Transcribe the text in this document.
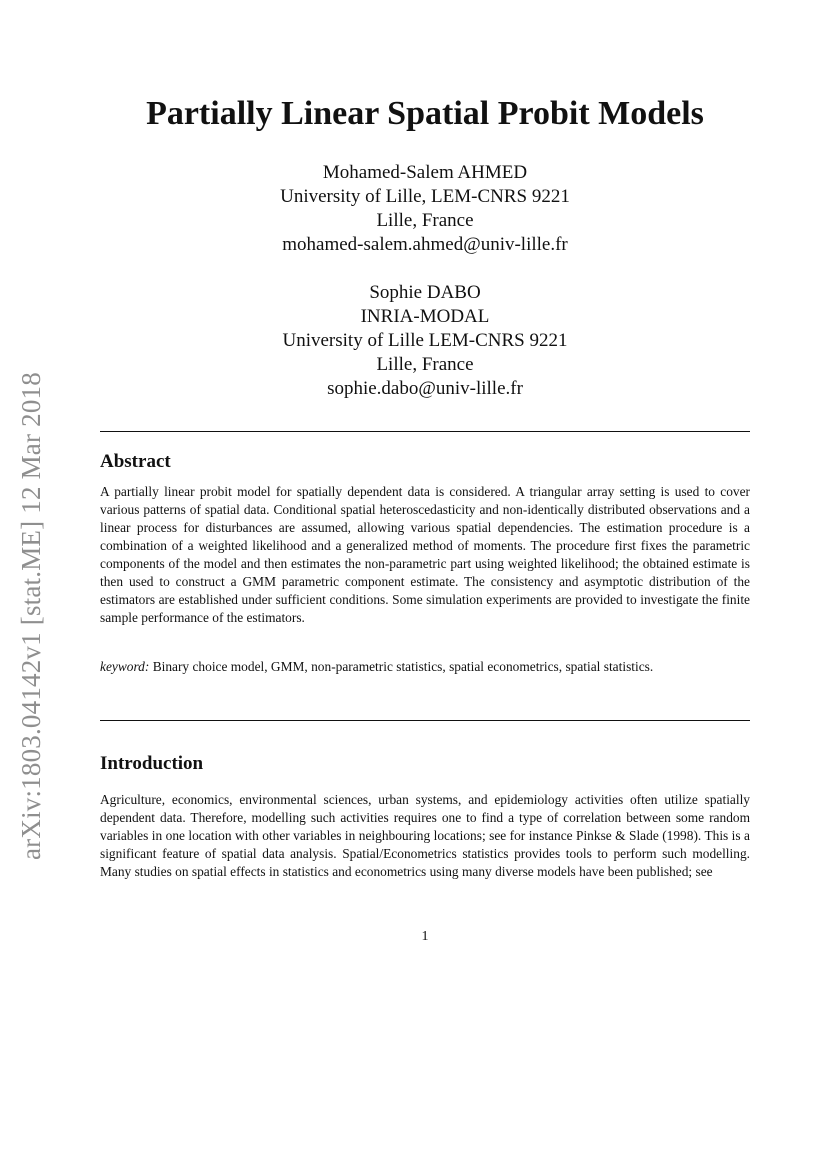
arXiv:1803.04142v1 [stat.ME] 12 Mar 2018
Partially Linear Spatial Probit Models
Mohamed-Salem AHMED
University of Lille, LEM-CNRS 9221
Lille, France
mohamed-salem.ahmed@univ-lille.fr
Sophie DABO
INRIA-MODAL
University of Lille LEM-CNRS 9221
Lille, France
sophie.dabo@univ-lille.fr
Abstract
A partially linear probit model for spatially dependent data is considered. A triangular array setting is used to cover various patterns of spatial data. Conditional spatial heteroscedasticity and non-identically distributed observations and a linear process for disturbances are assumed, allowing various spatial dependencies. The estimation procedure is a combination of a weighted likelihood and a generalized method of moments. The procedure first fixes the parametric components of the model and then estimates the non-parametric part using weighted likelihood; the obtained estimate is then used to construct a GMM parametric component estimate. The consistency and asymptotic distribution of the estimators are established under sufficient conditions. Some simulation experiments are provided to investigate the finite sample performance of the estimators.
keyword: Binary choice model, GMM, non-parametric statistics, spatial econometrics, spatial statistics.
Introduction
Agriculture, economics, environmental sciences, urban systems, and epidemiology activities often utilize spatially dependent data. Therefore, modelling such activities requires one to find a type of correlation between some random variables in one location with other variables in neighbouring locations; see for instance Pinkse & Slade (1998). This is a significant feature of spatial data analysis. Spatial/Econometrics statistics provides tools to perform such modelling. Many studies on spatial effects in statistics and econometrics using many diverse models have been published; see
1
